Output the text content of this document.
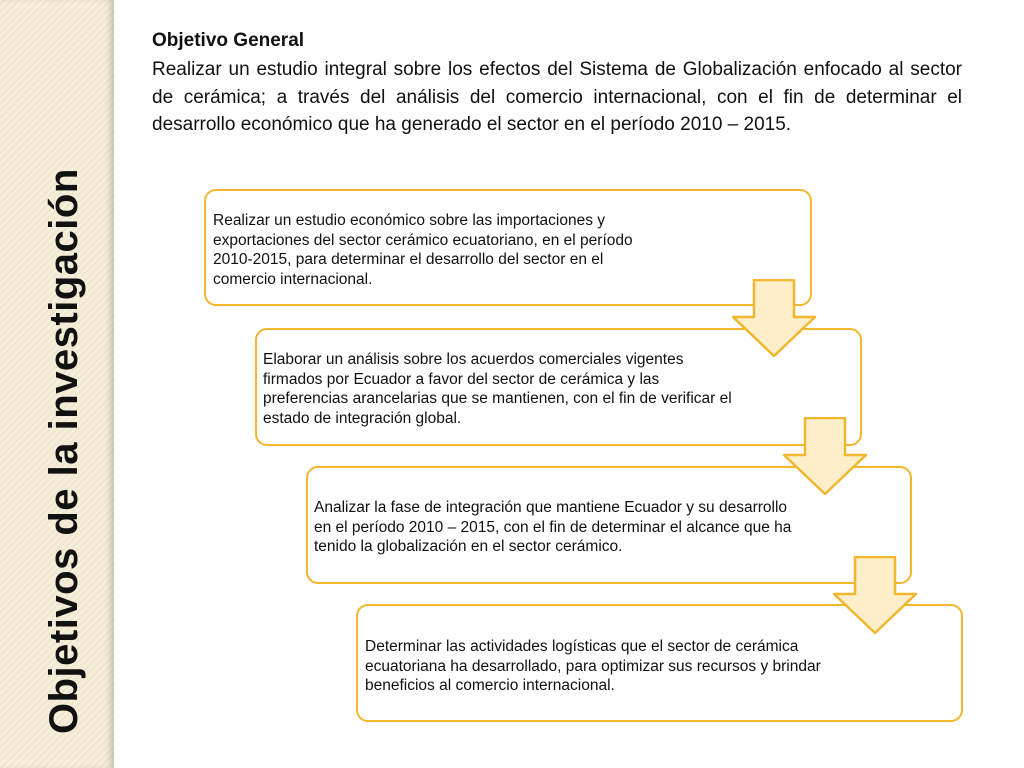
Objetivos de la investigación
Objetivo General
Realizar un estudio integral sobre los efectos del Sistema de Globalización enfocado al sector de cerámica; a través del análisis del comercio internacional, con el fin de determinar el desarrollo económico que ha generado el sector en el período 2010 – 2015.
Realizar un estudio económico sobre las importaciones y exportaciones del sector cerámico ecuatoriano, en el período 2010-2015, para determinar el desarrollo del sector en el comercio internacional.
Elaborar un análisis sobre los acuerdos comerciales vigentes firmados por Ecuador a favor del sector de cerámica y las preferencias arancelarias que se mantienen, con el fin de verificar el estado de integración global.
Analizar la fase de integración que mantiene Ecuador y su desarrollo en el período 2010 – 2015, con el fin de determinar el alcance que ha tenido la globalización en el sector cerámico.
Determinar las actividades logísticas que el sector de cerámica ecuatoriana ha desarrollado, para optimizar sus recursos y brindar beneficios al comercio internacional.
